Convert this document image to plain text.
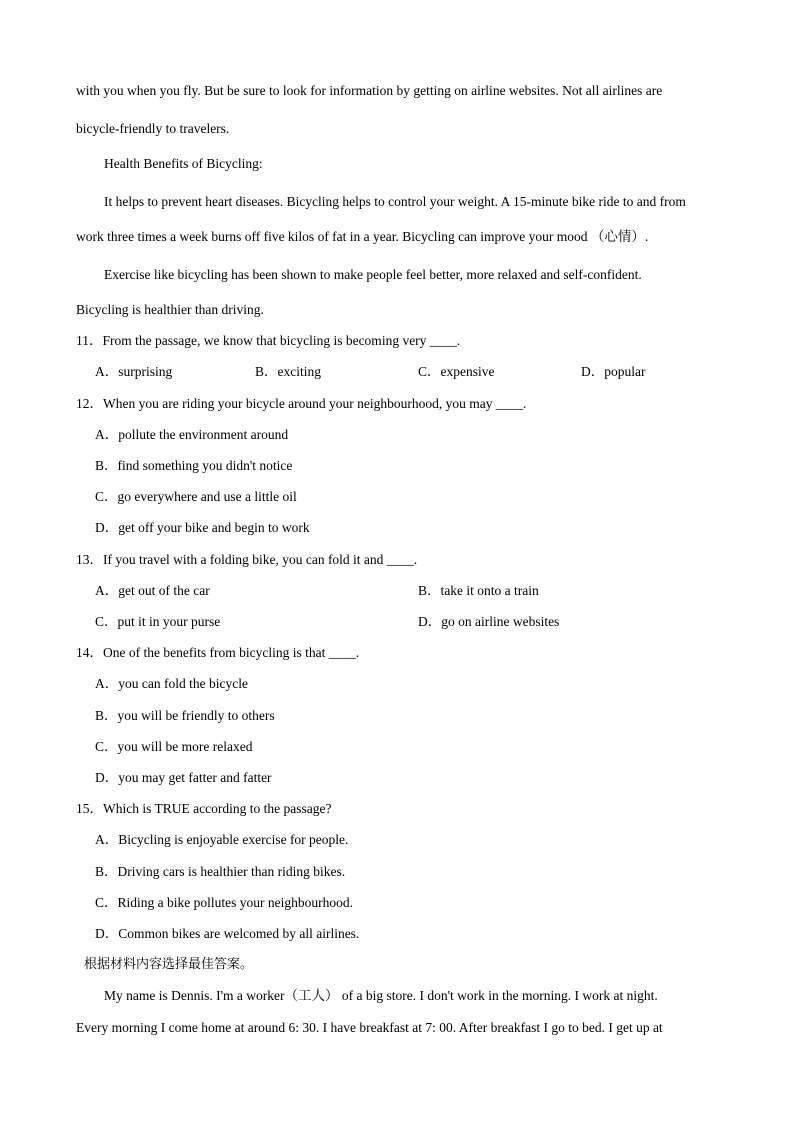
with you when you fly. But be sure to look for information by getting on airline websites. Not all airlines are
bicycle-friendly to travelers.
Health Benefits of Bicycling:
It helps to prevent heart diseases. Bicycling helps to control your weight. A 15-minute bike ride to and from
work three times a week burns off five kilos of fat in a year. Bicycling can improve your mood （心情）.
Exercise like bicycling has been shown to make people feel better, more relaxed and self-confident.
Bicycling is healthier than driving.
11．From the passage, we know that bicycling is becoming very ____.
A．surprising	B．exciting	C．expensive	D．popular
12．When you are riding your bicycle around your neighbourhood, you may ____.
A．pollute the environment around
B．find something you didn't notice
C．go everywhere and use a little oil
D．get off your bike and begin to work
13．If you travel with a folding bike, you can fold it and ____.
A．get out of the car	B．take it onto a train
C．put it in your purse	D．go on airline websites
14．One of the benefits from bicycling is that ____.
A．you can fold the bicycle
B．you will be friendly to others
C．you will be more relaxed
D．you may get fatter and fatter
15．Which is TRUE according to the passage?
A．Bicycling is enjoyable exercise for people.
B．Driving cars is healthier than riding bikes.
C．Riding a bike pollutes your neighbourhood.
D．Common bikes are welcomed by all airlines.
根据材料内容选择最佳答案。
My name is Dennis. I'm a worker（工人） of a big store. I don't work in the morning. I work at night.
Every morning I come home at around 6: 30. I have breakfast at 7: 00. After breakfast I go to bed. I get up at
